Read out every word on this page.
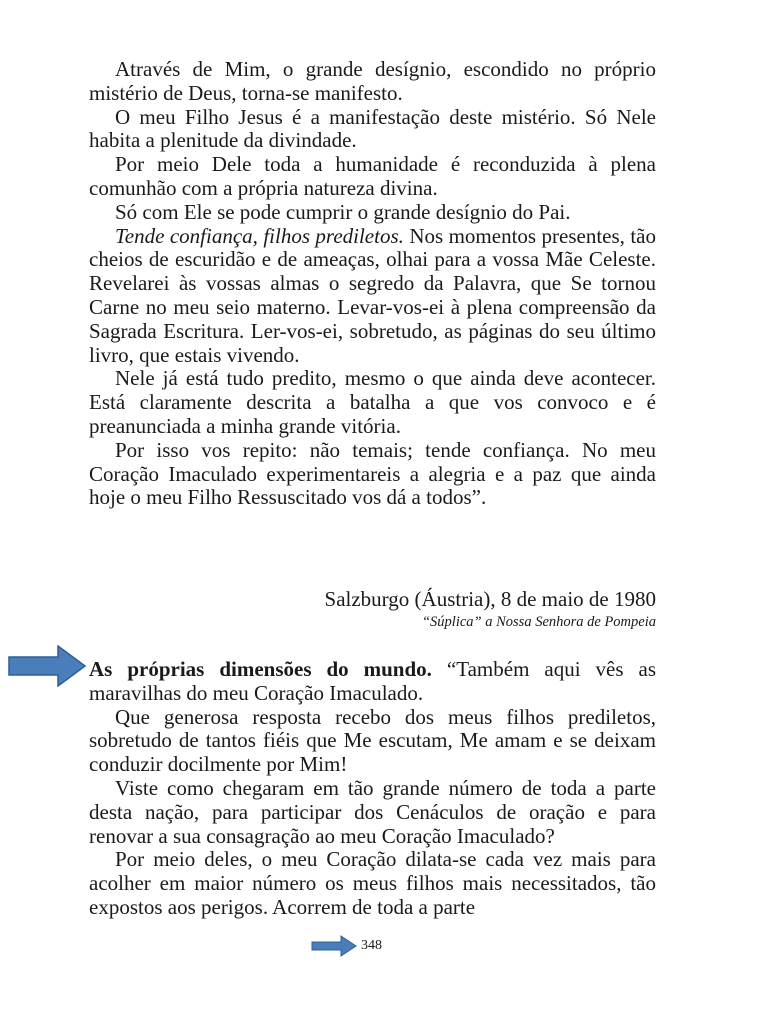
Através de Mim, o grande desígnio, escondido no próprio mistério de Deus, torna-se manifesto.

O meu Filho Jesus é a manifestação deste mistério. Só Nele habita a plenitude da divindade.

Por meio Dele toda a humanidade é reconduzida à plena comunhão com a própria natureza divina.

Só com Ele se pode cumprir o grande desígnio do Pai.

Tende confiança, filhos prediletos. Nos momentos presentes, tão cheios de escuridão e de ameaças, olhai para a vossa Mãe Celeste. Revelarei às vossas almas o segredo da Palavra, que Se tornou Carne no meu seio materno. Levar-vos-ei à plena compreensão da Sagrada Escritura. Ler-vos-ei, sobretudo, as páginas do seu último livro, que estais vivendo.

Nele já está tudo predito, mesmo o que ainda deve acontecer. Está claramente descrita a batalha a que vos convoco e é preanunciada a minha grande vitória.

Por isso vos repito: não temais; tende confiança. No meu Coração Imaculado experimentareis a alegria e a paz que ainda hoje o meu Filho Ressuscitado vos dá a todos”.

Salzburgo (Áustria), 8 de maio de 1980
“Súplica” a Nossa Senhora de Pompeia

As próprias dimensões do mundo. “Também aqui vês as maravilhas do meu Coração Imaculado.

Que generosa resposta recebo dos meus filhos prediletos, sobretudo de tantos fiéis que Me escutam, Me amam e se deixam conduzir docilmente por Mim!

Viste como chegaram em tão grande número de toda a parte desta nação, para participar dos Cenáculos de oração e para renovar a sua consagração ao meu Coração Imaculado?

Por meio deles, o meu Coração dilata-se cada vez mais para acolher em maior número os meus filhos mais necessitados, tão expostos aos perigos. Acorrem de toda a parte

348
